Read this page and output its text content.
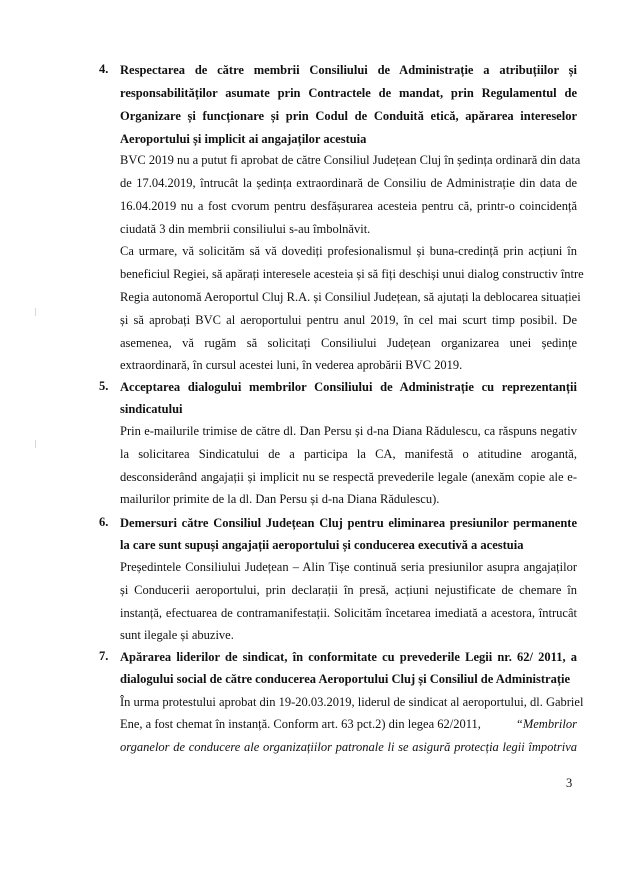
4. Respectarea de către membrii Consiliului de Administrație a atribuțiilor și
responsabilităților asumate prin Contractele de mandat, prin Regulamentul de
Organizare și funcționare și prin Codul de Conduită etică, apărarea intereselor
Aeroportului și implicit ai angajaților acestuia
BVC 2019 nu a putut fi aprobat de către Consiliul Județean Cluj în ședința ordinară din data
de 17.04.2019, întrucât la ședința extraordinară de Consiliu de Administrație din data de
16.04.2019 nu a fost cvorum pentru desfășurarea acesteia pentru că, printr-o coincidență
ciudată 3 din membrii consiliului s-au îmbolnăvit.
Ca urmare, vă solicităm să vă dovediți profesionalismul și buna-credință prin acțiuni în
beneficiul Regiei, să apărați interesele acesteia și să fiți deschiși unui dialog constructiv între
Regia autonomă Aeroportul Cluj R.A. și Consiliul Județean, să ajutați la deblocarea situației
și să aprobați BVC al aeroportului pentru anul 2019, în cel mai scurt timp posibil. De
asemenea, vă rugăm să solicitați Consiliului Județean organizarea unei ședințe
extraordinară, în cursul acestei luni, în vederea aprobării BVC 2019.
5. Acceptarea dialogului membrilor Consiliului de Administrație cu reprezentanții
sindicatului
Prin e-mailurile trimise de către dl. Dan Persu și d-na Diana Rădulescu, ca răspuns negativ
la solicitarea Sindicatului de a participa la CA, manifestă o atitudine arogantă,
desconsiderând angajații și implicit nu se respectă prevederile legale (anexăm copie ale e-
mailurilor primite de la dl. Dan Persu și d-na Diana Rădulescu).
6. Demersuri către Consiliul Județean Cluj pentru eliminarea presiunilor permanente
la care sunt supuși angajații aeroportului și conducerea executivă a acestuia
Președintele Consiliului Județean – Alin Tișe continuă seria presiunilor asupra angajaților
și Conducerii aeroportului, prin declarații în presă, acțiuni nejustificate de chemare în
instanță, efectuarea de contramanifestații. Solicităm încetarea imediată a acestora, întrucât
sunt ilegale și abuzive.
7. Apărarea liderilor de sindicat, în conformitate cu prevederile Legii nr. 62/ 2011, a
dialogului social de către conducerea Aeroportului Cluj și Consiliul de Administrație
În urma protestului aprobat din 19-20.03.2019, liderul de sindicat al aeroportului, dl. Gabriel
Ene, a fost chemat în instanță. Conform art. 63 pct.2) din legea 62/2011,	“Membrilor
organelor de conducere ale organizațiilor patronale li se asigură protecția legii împotriva
3
